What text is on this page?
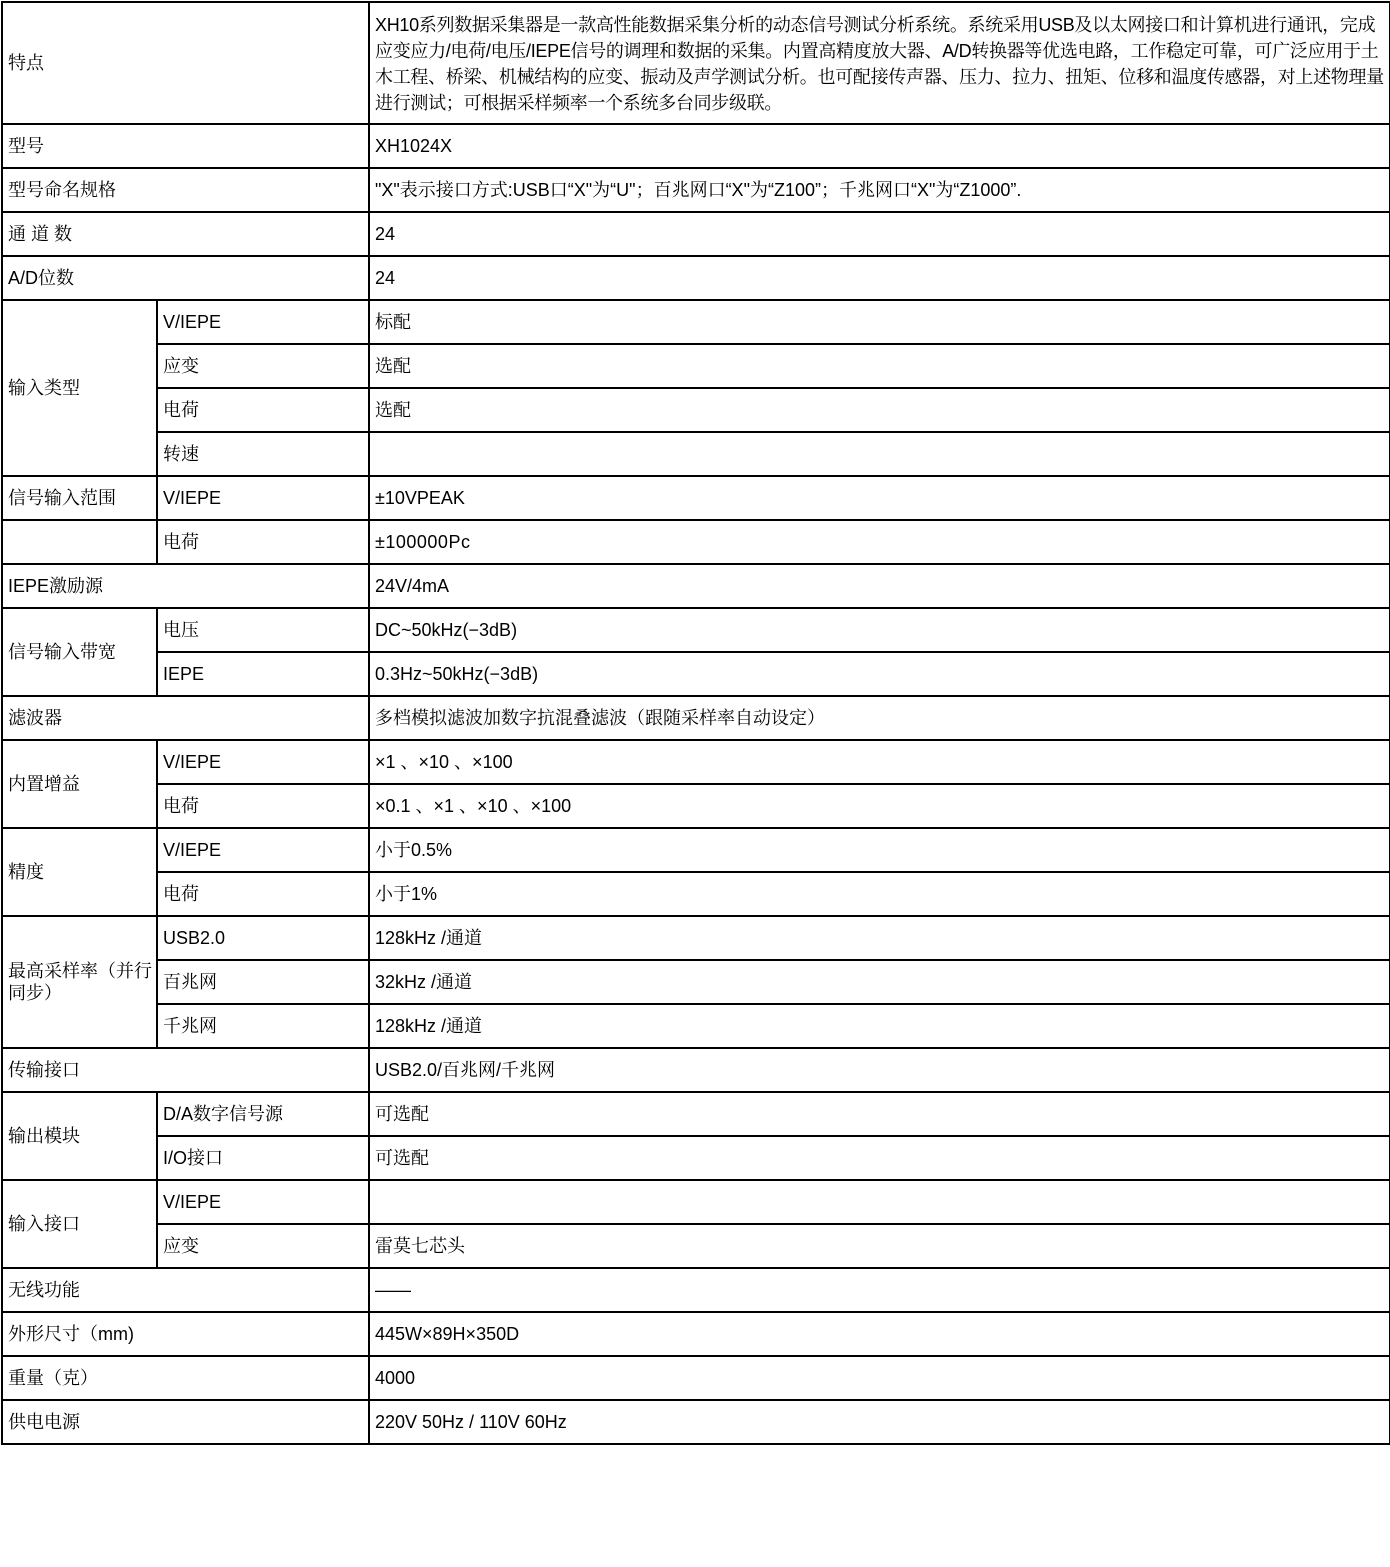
特点		XH10系列数据采集器是一款高性能数据采集分析的动态信号测试分析系统。系统采用USB及以太网接口和计算机进行通讯，完成应变应力/电荷/电压/IEPE信号的调理和数据的采集。内置高精度放大器、A/D转换器等优选电路，工作稳定可靠，可广泛应用于土木工程、桥梁、机械结构的应变、振动及声学测试分析。也可配接传声器、压力、拉力、扭矩、位移和温度传感器，对上述物理量进行测试；可根据采样频率一个系统多台同步级联。
型号		XH1024X
型号命名规格		"X"表示接口方式:USB口“X"为“U"；百兆网口“X"为“Z100”；千兆网口“X"为“Z1000”.
通 道 数		24
A/D位数		24
输入类型	V/IEPE	标配
	应变	选配
	电荷	选配
	转速	
信号输入范围	V/IEPE	±10VPEAK
	电荷	±100000Pc
IEPE激励源		24V/4mA
信号输入带宽	电压	DC~50kHz(−3dB)
	IEPE	0.3Hz~50kHz(−3dB)
滤波器		多档模拟滤波加数字抗混叠滤波（跟随采样率自动设定）
内置增益	V/IEPE	×1 、×10 、×100
	电荷	×0.1 、×1 、×10 、×100
精度	V/IEPE	小于0.5%
	电荷	小于1%
最高采样率（并行同步）	USB2.0	128kHz /通道
	百兆网	32kHz /通道
	千兆网	128kHz /通道
传输接口		USB2.0/百兆网/千兆网
输出模块	D/A数字信号源	可选配
	I/O接口	可选配
输入接口	V/IEPE	
	应变	雷莫七芯头
无线功能		——
外形尺寸（mm)		445W×89H×350D
重量（克）		4000
供电电源		220V 50Hz / 110V 60Hz
